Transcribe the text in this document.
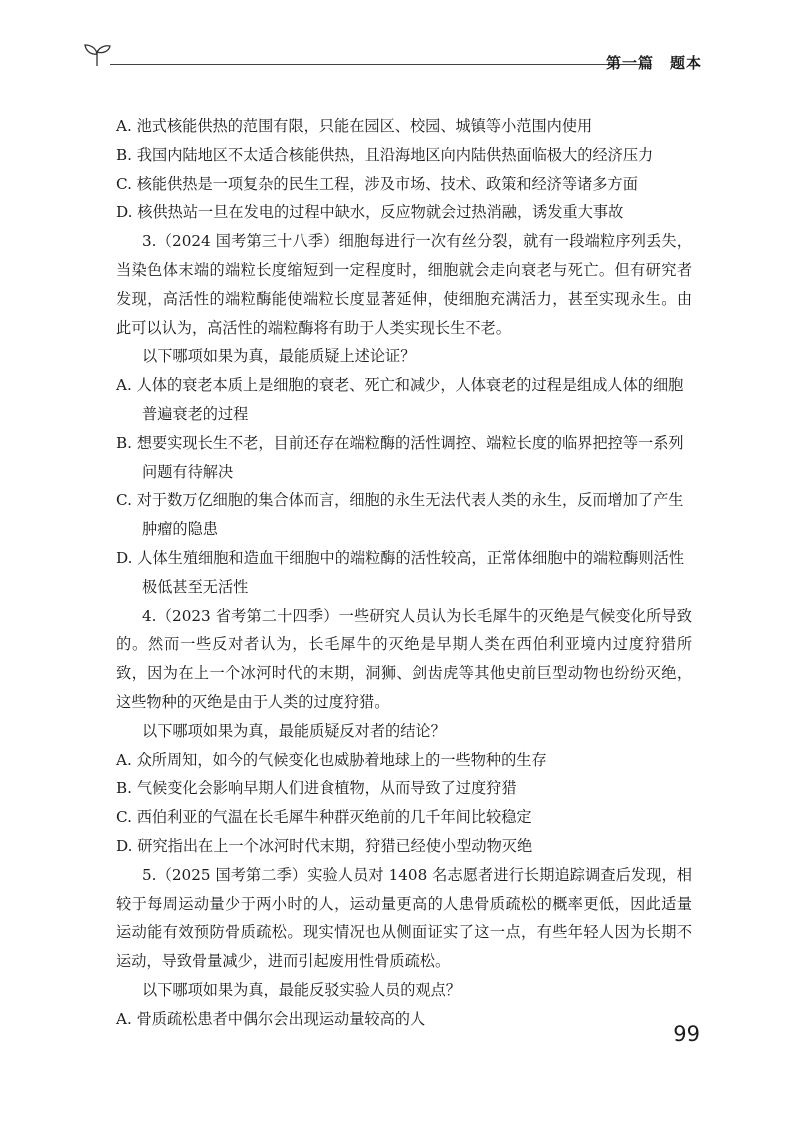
第一篇　题本

A. 池式核能供热的范围有限，只能在园区、校园、城镇等小范围内使用

B. 我国内陆地区不太适合核能供热，且沿海地区向内陆供热面临极大的经济压力

C. 核能供热是一项复杂的民生工程，涉及市场、技术、政策和经济等诸多方面

D. 核供热站一旦在发电的过程中缺水，反应物就会过热消融，诱发重大事故

3.（2024 国考第三十八季）细胞每进行一次有丝分裂，就有一段端粒序列丢失，当染色体末端的端粒长度缩短到一定程度时，细胞就会走向衰老与死亡。但有研究者发现，高活性的端粒酶能使端粒长度显著延伸，使细胞充满活力，甚至实现永生。由此可以认为，高活性的端粒酶将有助于人类实现长生不老。

以下哪项如果为真，最能质疑上述论证？

A. 人体的衰老本质上是细胞的衰老、死亡和减少，人体衰老的过程是组成人体的细胞普遍衰老的过程

B. 想要实现长生不老，目前还存在端粒酶的活性调控、端粒长度的临界把控等一系列问题有待解决

C. 对于数万亿细胞的集合体而言，细胞的永生无法代表人类的永生，反而增加了产生肿瘤的隐患

D. 人体生殖细胞和造血干细胞中的端粒酶的活性较高，正常体细胞中的端粒酶则活性极低甚至无活性

4.（2023 省考第二十四季）一些研究人员认为长毛犀牛的灭绝是气候变化所导致的。然而一些反对者认为，长毛犀牛的灭绝是早期人类在西伯利亚境内过度狩猎所致，因为在上一个冰河时代的末期，洞狮、剑齿虎等其他史前巨型动物也纷纷灭绝，这些物种的灭绝是由于人类的过度狩猎。

以下哪项如果为真，最能质疑反对者的结论？

A. 众所周知，如今的气候变化也威胁着地球上的一些物种的生存

B. 气候变化会影响早期人们进食植物，从而导致了过度狩猎

C. 西伯利亚的气温在长毛犀牛种群灭绝前的几千年间比较稳定

D. 研究指出在上一个冰河时代末期，狩猎已经使小型动物灭绝

5.（2025 国考第二季）实验人员对 1408 名志愿者进行长期追踪调查后发现，相较于每周运动量少于两小时的人，运动量更高的人患骨质疏松的概率更低，因此适量运动能有效预防骨质疏松。现实情况也从侧面证实了这一点，有些年轻人因为长期不运动，导致骨量减少，进而引起废用性骨质疏松。

以下哪项如果为真，最能反驳实验人员的观点？

A. 骨质疏松患者中偶尔会出现运动量较高的人

99
